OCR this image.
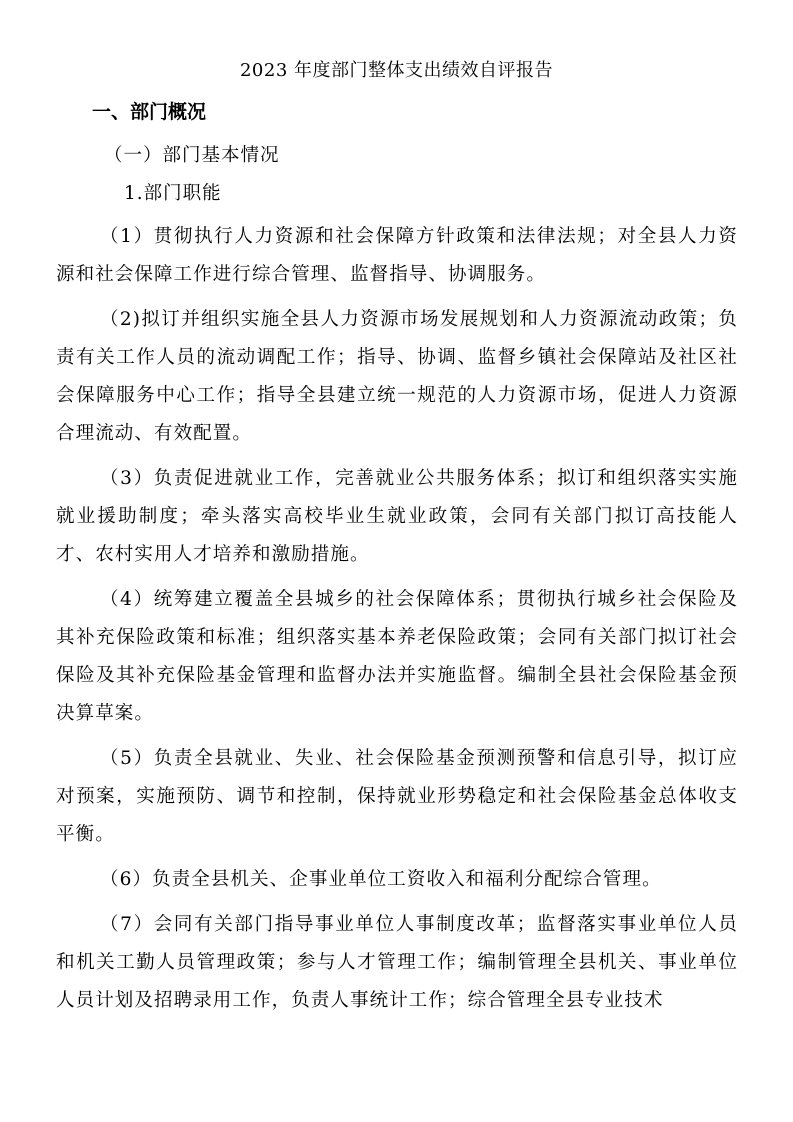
2023 年度部门整体支出绩效自评报告
一、部门概况
（一）部门基本情况
1.部门职能

（1）贯彻执行人力资源和社会保障方针政策和法律法规；对全县人力资源和社会保障工作进行综合管理、监督指导、协调服务。

（2)拟订并组织实施全县人力资源市场发展规划和人力资源流动政策；负责有关工作人员的流动调配工作；指导、协调、监督乡镇社会保障站及社区社会保障服务中心工作；指导全县建立统一规范的人力资源市场，促进人力资源合理流动、有效配置。

（3）负责促进就业工作，完善就业公共服务体系；拟订和组织落实实施就业援助制度；牵头落实高校毕业生就业政策，会同有关部门拟订高技能人才、农村实用人才培养和激励措施。

（4）统筹建立覆盖全县城乡的社会保障体系；贯彻执行城乡社会保险及其补充保险政策和标准；组织落实基本养老保险政策；会同有关部门拟订社会保险及其补充保险基金管理和监督办法并实施监督。编制全县社会保险基金预决算草案。

（5）负责全县就业、失业、社会保险基金预测预警和信息引导，拟订应对预案，实施预防、调节和控制，保持就业形势稳定和社会保险基金总体收支平衡。

（6）负责全县机关、企事业单位工资收入和福利分配综合管理。

（7）会同有关部门指导事业单位人事制度改革；监督落实事业单位人员和机关工勤人员管理政策；参与人才管理工作；编制管理全县机关、事业单位人员计划及招聘录用工作，负责人事统计工作；综合管理全县专业技术
